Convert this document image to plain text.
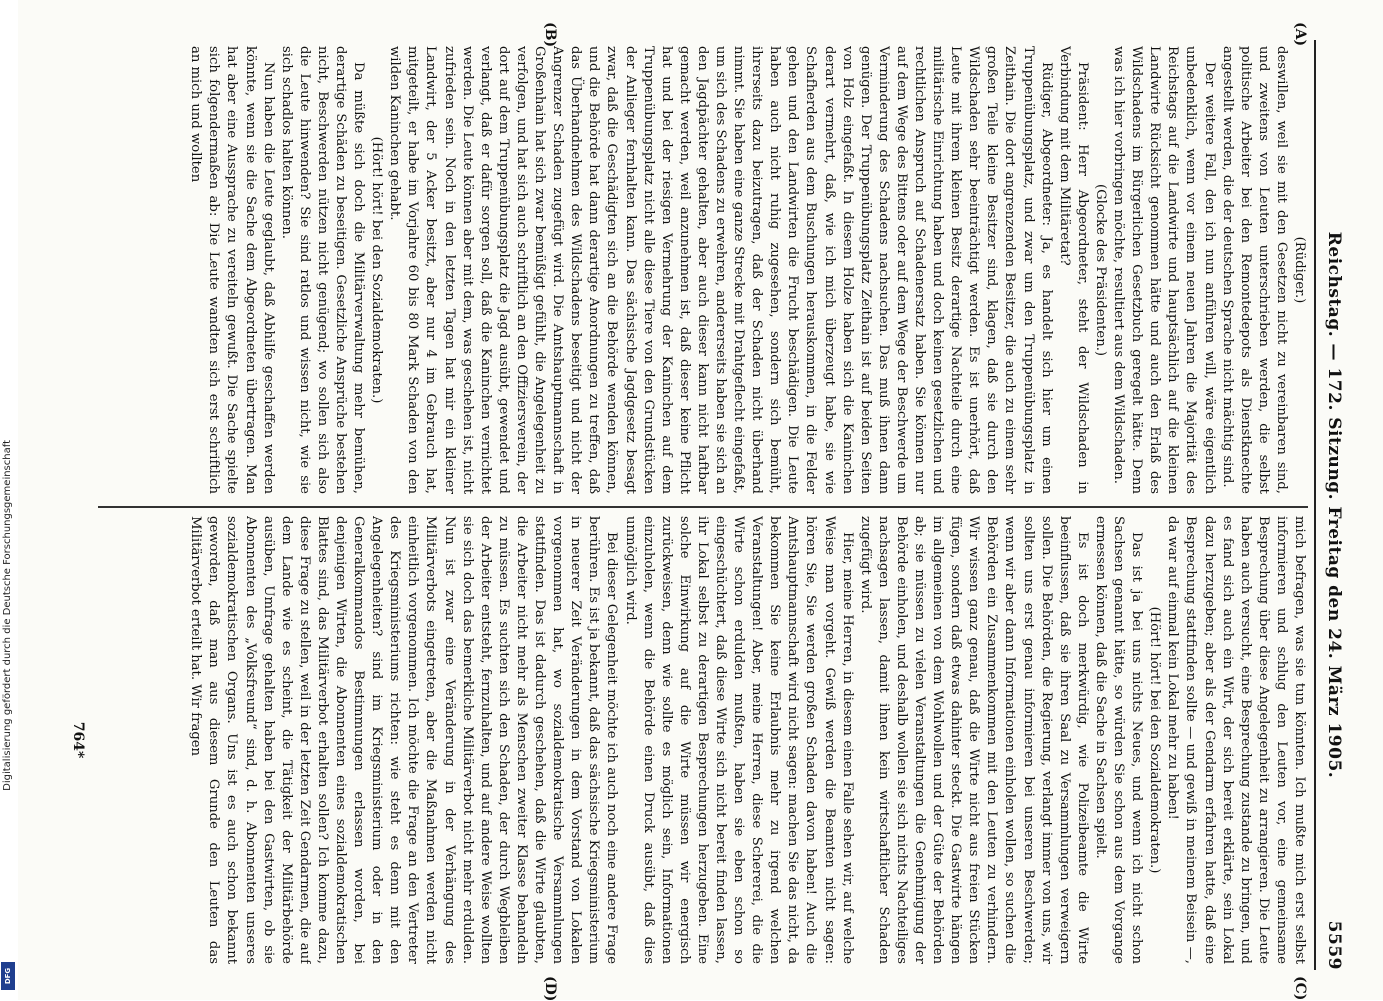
Digitalisierung gefördert durch die Deutsche Forschungsgemeinschaft
DFG
Reichstag. — 172. Sitzung. Freitag den 24. März 1905.
5559
(A)
(B)
(C)
(D)

(Rüdiger.)

deswillen, weil sie mit den Gesetzen nicht zu vereinbaren sind, und zweitens von Leuten unterschrieben werden, die selbst politische Arbeiter bei den Remontedepots als Dienstknechte angestellt werden, die der deutschen Sprache nicht mächtig sind.

Der weitere Fall, den ich nun anführen will, wäre eigentlich unbedenklich, wenn vor einem neuen Jahren die Majorität des Reichstags auf die Landwirte und hauptsächlich auf die kleinen Landwirte Rücksicht genommen hätte und auch den Erlaß des Wildschadens im Bürgerlichen Gesetzbuch geregelt hätte. Denn was ich hier vorbringen möchte, resultiert aus dem Wildschaden.

(Glocke des Präsidenten.)

Präsident: Herr Abgeordneter, steht der Wildschaden in Verbindung mit dem Militäretat?

Rüdiger, Abgeordneter: Ja, es handelt sich hier um einen Truppenübungsplatz, und zwar um den Truppenübungsplatz in Zeithain. Die dort angrenzenden Besitzer, die auch zu einem sehr großen Teile kleine Besitzer sind, klagen, daß sie durch den Wildschaden sehr beeinträchtigt werden. Es ist unerhört, daß Leute mit ihrem kleinen Besitz derartige Nachteile durch eine militärische Einrichtung haben und doch keinen gesetzlichen und rechtlichen Anspruch auf Schadenersatz haben. Sie können nur auf dem Wege des Bittens oder auf dem Wege der Beschwerde um Verminderung des Schadens nachsuchen. Das muß ihnen dann genügen. Der Truppenübungsplatz Zeithain ist auf beiden Seiten von Holz eingefaßt. In diesem Holze haben sich die Kaninchen derart vermehrt, daß, wie ich mich überzeugt habe, sie wie Schafherden aus dem Buschungen herauskommen, in die Felder gehen und den Landwirten die Frucht beschädigen. Die Leute haben auch nicht ruhig zugesehen, sondern sich bemüht, ihrerseits dazu beizutragen, daß der Schaden nicht überhand nimmt. Sie haben eine ganze Strecke mit Drahtgeflecht eingefaßt, um sich des Schadens zu erwehren, andererseits haben sie sich an den Jagdpächter gehalten, aber auch dieser kann nicht haftbar gemacht werden, weil anzunehmen ist, daß dieser keine Pflicht hat und bei der riesigen Vermehrung der Kaninchen auf dem Truppenübungsplatz nicht alle diese Tiere von den Grundstücken der Anlieger fernhalten kann. Das sächsische Jagdgesetz besagt zwar, daß die Geschädigten sich an die Behörde wenden können, und die Behörde hat dann derartige Anordnungen zu treffen, daß das Überhandnehmen des Wildschadens beseitigt und nicht der Angrenzer Schaden zugefügt wird. Die Amtshauptmannschaft in Großenhain hat sich zwar bemüßigt gefühlt, die Angelegenheit zu verfolgen, und hat sich auch schriftlich an den Offiziersverein, der dort auf dem Truppenübungsplatz die Jagd ausübt, gewendet und verlangt, daß er dafür sorgen soll, daß die Kaninchen vernichtet werden. Die Leute können aber mit dem, was geschehen ist, nicht zufrieden sein. Noch in den letzten Tagen hat mir ein kleiner Landwirt, der 5 Acker besitzt, aber nur 4 im Gebrauch hat, mitgeteilt, er habe im Vorjahre 60 bis 80 Mark Schaden von den wilden Kaninchen gehabt.

(Hört! hört! bei den Sozialdemokraten.)

Da müßte sich doch die Militärverwaltung mehr bemühen, derartige Schäden zu beseitigen. Gesetzliche Ansprüche bestehen nicht, Beschwerden nützen nicht genügend; wo sollen sich also die Leute hinwenden? Sie sind ratlos und wissen nicht, wie sie sich schadlos halten können.

Nun haben die Leute geglaubt, daß Abhilfe geschaffen werden könnte, wenn sie die Sache dem Abgeordneten übertragen. Man hat aber eine Aussprache zu vereiteln gewußt. Die Sache spielte sich folgendermaßen ab: Die Leute wandten sich erst schriftlich an mich und wollten

mich befragen, was sie tun könnten. Ich mußte mich erst selbst informieren und schlug den Leuten vor, eine gemeinsame Besprechung über diese Angelegenheit zu arrangieren. Die Leute haben auch versucht, eine Besprechung zustande zu bringen, und es fand sich auch ein Wirt, der sich bereit erklärte, sein Lokal dazu herzugeben; aber als der Gendarm erfahren hatte, daß eine Besprechung stattfinden sollte — und gewiß in meinem Beisein —, da war auf einmal kein Lokal mehr zu haben!

(Hört! hört! bei den Sozialdemokraten.)

Das ist ja bei uns nichts Neues, und wenn ich nicht schon Sachsen genannt hätte, so würden Sie schon aus dem Vorgange ermessen können, daß die Sache in Sachsen spielt.

Es ist doch merkwürdig, wie Polizeibeamte die Wirte beeinflussen, daß sie ihren Saal zu Versammlungen verweigern sollen. Die Behörden, die Regierung, verlangt immer von uns, wir sollten uns erst genau informieren bei unseren Beschwerden; wenn wir aber dann Informationen einholen wollen, so suchen die Behörden ein Zusammenkommen mit den Leuten zu verhindern. Wir wissen ganz genau, daß die Wirte nicht aus freien Stücken fügen, sondern daß etwas dahinter steckt. Die Gastwirte hängen im allgemeinen von dem Wohlwollen und der Güte der Behörden ab; sie müssen zu vielen Veranstaltungen die Genehmigung der Behörde einholen, und deshalb wollen sie sich nichts Nachteiliges nachsagen lassen, damit ihnen kein wirtschaftlicher Schaden zugefügt wird.

Hier, meine Herren, in diesem einen Falle sehen wir, auf welche Weise man vorgeht. Gewiß werden die Beamten nicht sagen: hören Sie, Sie werden großen Schaden davon haben! Auch die Amtshauptmannschaft wird nicht sagen: machen Sie das nicht, da bekommen Sie keine Erlaubnis mehr zu irgend welchen Veranstaltungen! Aber, meine Herren, diese Schererei, die die Wirte schon erdulden mußten, haben sie eben schon so eingeschüchtert, daß diese Wirte sich nicht bereit finden lassen, ihr Lokal selbst zu derartigen Besprechungen herzugeben. Eine solche Einwirkung auf die Wirte müssen wir energisch zurückweisen, denn wie sollte es möglich sein, Informationen einzuholen, wenn die Behörde einen Druck ausübt, daß dies unmöglich wird.

Bei dieser Gelegenheit möchte ich auch noch eine andere Frage berühren. Es ist ja bekannt, daß das sächsische Kriegsministerium in neuerer Zeit Veränderungen in dem Vorstand von Lokalen vorgenommen hat, wo sozialdemokratische Versammlungen stattfinden. Das ist dadurch geschehen, daß die Wirte glaubten, die Arbeiter nicht mehr als Menschen zweiter Klasse behandeln zu müssen. Es suchten sich den Schaden, der durch Wegbleiben der Arbeiter entsteht, fernzuhalten, und auf andere Weise wollten sie sich doch das bemerkliche Militärverbot nicht mehr erdulden. Nun ist zwar eine Veränderung in der Verhängung des Militärverbots eingetreten, aber die Maßnahmen werden nicht einheitlich vorgenommen. Ich möchte die Frage an den Vertreter des Kriegsministeriums richten: wie steht es denn mit den Angelegenheiten? sind im Kriegsministerium oder in den Generalkommandos Bestimmungen erlassen worden, bei denjenigen Wirten, die Abonnenten eines sozialdemokratischen Blattes sind, das Militärverbot erhalten sollen? Ich komme dazu, diese Frage zu stellen, weil in der letzten Zeit Gendarmen, die auf dem Lande wie es scheint, die Tätigkeit der Militärbehörde ausüben, Umfrage gehalten haben bei den Gastwirten, ob sie Abonnenten des „Volksfreund“ sind, d. h. Abonnenten unseres sozialdemokratischen Organs. Uns ist es auch schon bekannt geworden, daß man aus diesem Grunde den Leuten das Militärverbot erteilt hat. Wir fragen

764*
